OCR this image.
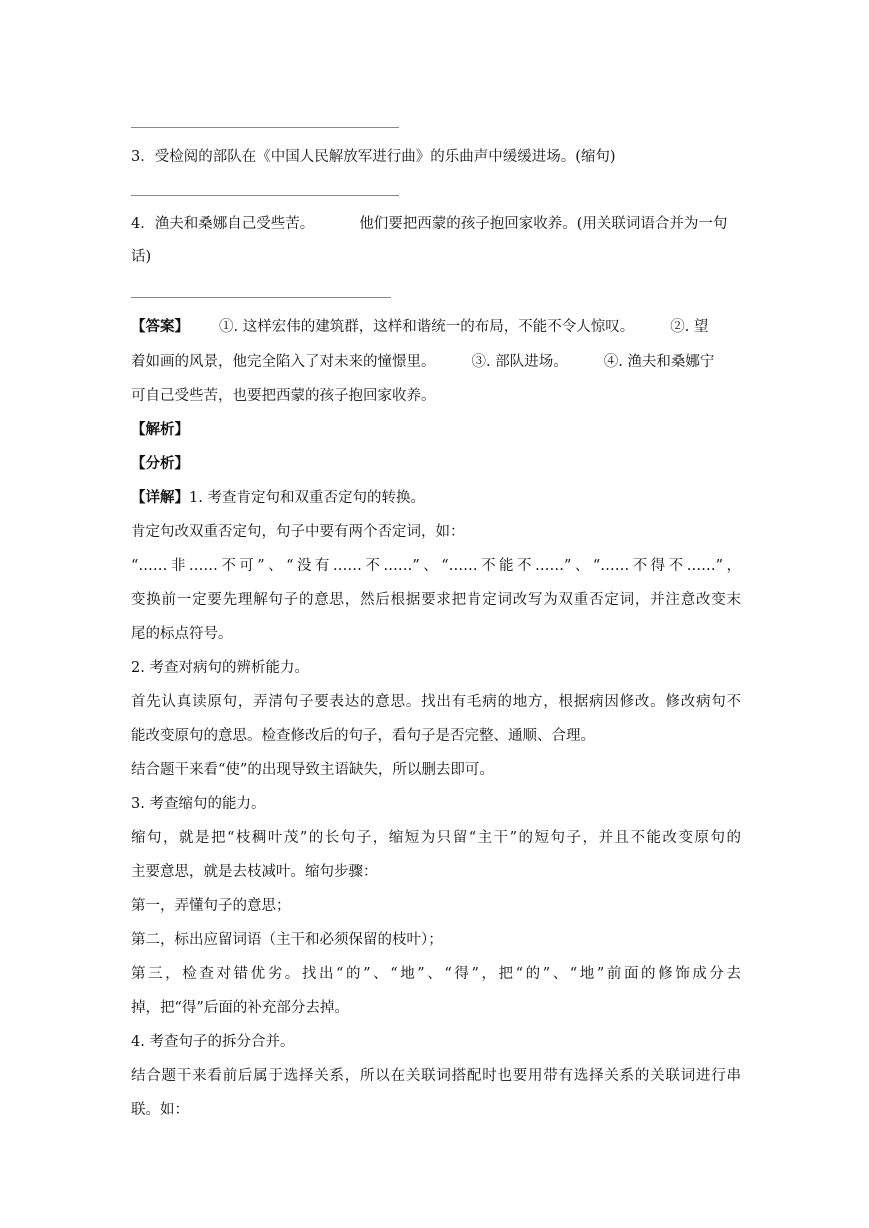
3．受检阅的部队在《中国人民解放军进行曲》的乐曲声中缓缓进场。(缩句)
4．渔夫和桑娜自己受些苦。	他们要把西蒙的孩子抱回家收养。(用关联词语合并为一句
话)
【答案】 ①. 这样宏伟的建筑群，这样和谐统一的布局，不能不令人惊叹。 ②. 望
着如画的风景，他完全陷入了对未来的憧憬里。 ③. 部队进场。 ④. 渔夫和桑娜宁
可自己受些苦，也要把西蒙的孩子抱回家收养。
【解析】
【分析】
【详解】1. 考查肯定句和双重否定句的转换。
肯定句改双重否定句，句子中要有两个否定词，如：
“……非……不可”、“没有……不……”、“……不能不……”、“……不得不……”，
变换前一定要先理解句子的意思，然后根据要求把肯定词改写为双重否定词，并注意改变末
尾的标点符号。
2. 考查对病句的辨析能力。
首先认真读原句，弄清句子要表达的意思。找出有毛病的地方，根据病因修改。修改病句不
能改变原句的意思。检查修改后的句子，看句子是否完整、通顺、合理。
结合题干来看“使”的出现导致主语缺失，所以删去即可。
3. 考查缩句的能力。
缩句，就是把“枝稠叶茂”的长句子，缩短为只留“主干”的短句子，并且不能改变原句的
主要意思，就是去枝减叶。缩句步骤：
第一，弄懂句子的意思；
第二，标出应留词语（主干和必须保留的枝叶）；
第三，检查对错优劣。找出“的”、“地”、“得”，把“的”、“地”前面的修饰成分去
掉，把“得”后面的补充部分去掉。
4. 考查句子的拆分合并。
结合题干来看前后属于选择关系，所以在关联词搭配时也要用带有选择关系的关联词进行串
联。如：
